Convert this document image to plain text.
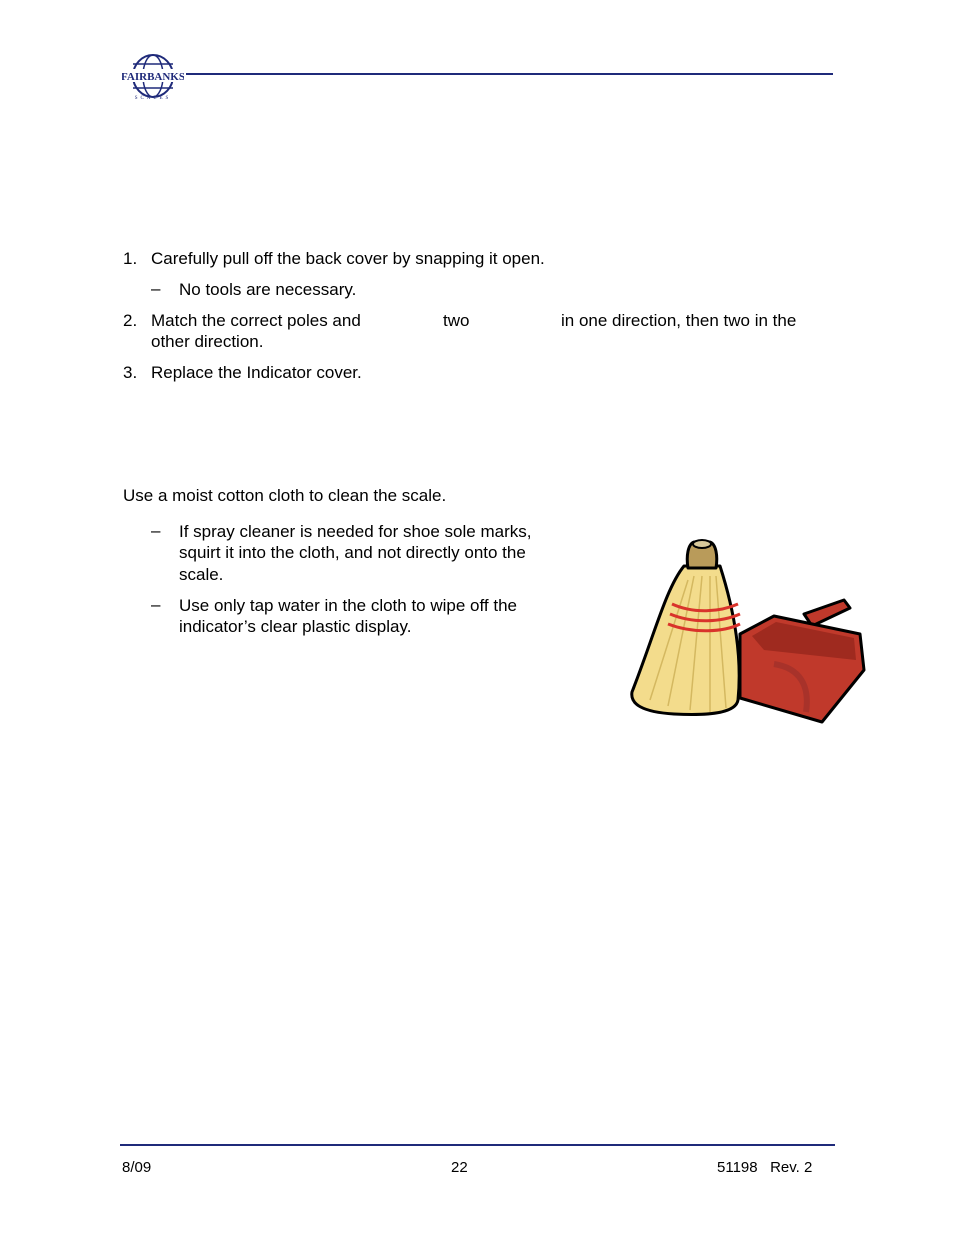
FAIRBANKS
SCALES
1. Carefully pull off the back cover by snapping it open.
– No tools are necessary.
2. Match the correct poles and	two	in one direction, then two in the
other direction.
3. Replace the Indicator cover.
Use a moist cotton cloth to clean the scale.
– If spray cleaner is needed for shoe sole marks,
squirt it into the cloth, and not directly onto the
scale.
– Use only tap water in the cloth to wipe off the
indicator’s clear plastic display.
8/09	22	51198   Rev. 2
